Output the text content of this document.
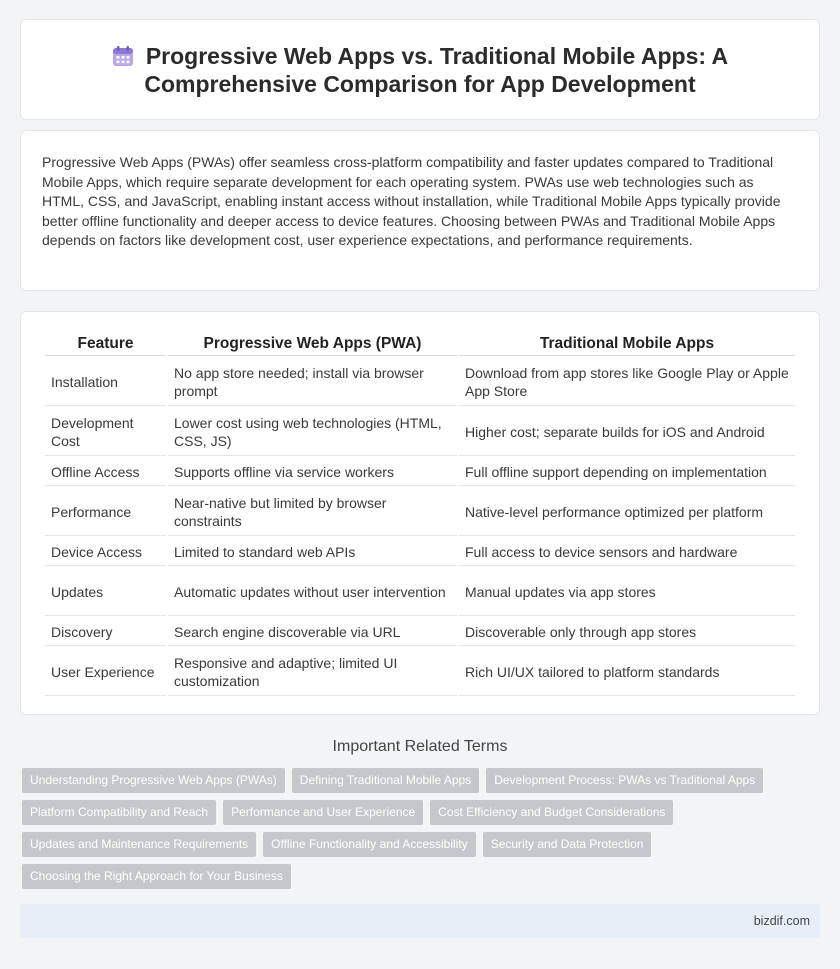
Progressive Web Apps vs. Traditional Mobile Apps: A Comprehensive Comparison for App Development

Progressive Web Apps (PWAs) offer seamless cross-platform compatibility and faster updates compared to Traditional Mobile Apps, which require separate development for each operating system. PWAs use web technologies such as HTML, CSS, and JavaScript, enabling instant access without installation, while Traditional Mobile Apps typically provide better offline functionality and deeper access to device features. Choosing between PWAs and Traditional Mobile Apps depends on factors like development cost, user experience expectations, and performance requirements.

Feature	Progressive Web Apps (PWA)	Traditional Mobile Apps
Installation	No app store needed; install via browser prompt	Download from app stores like Google Play or Apple App Store
Development Cost	Lower cost using web technologies (HTML, CSS, JS)	Higher cost; separate builds for iOS and Android
Offline Access	Supports offline via service workers	Full offline support depending on implementation
Performance	Near-native but limited by browser constraints	Native-level performance optimized per platform
Device Access	Limited to standard web APIs	Full access to device sensors and hardware
Updates	Automatic updates without user intervention	Manual updates via app stores
Discovery	Search engine discoverable via URL	Discoverable only through app stores
User Experience	Responsive and adaptive; limited UI customization	Rich UI/UX tailored to platform standards
Important Related Terms
Understanding Progressive Web Apps (PWAs)	Defining Traditional Mobile Apps	Development Process: PWAs vs Traditional Apps
Platform Compatibility and Reach	Performance and User Experience	Cost Efficiency and Budget Considerations
Updates and Maintenance Requirements	Offline Functionality and Accessibility	Security and Data Protection
Choosing the Right Approach for Your Business
bizdif.com
